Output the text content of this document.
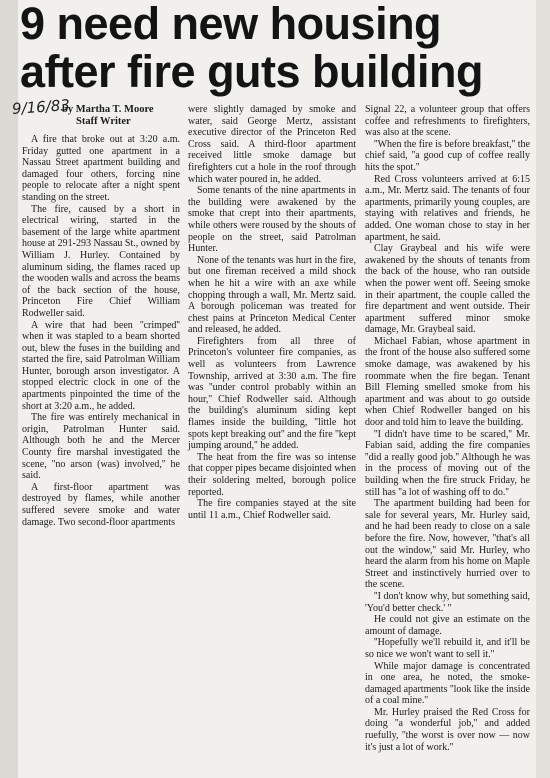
9 need new housing
after fire guts building
9/16/83
by Martha T. Moore
Staff Writer

A fire that broke out at 3:20 a.m. Friday gutted one apartment in a Nassau Street apartment building and damaged four others, forcing nine people to relocate after a night spent standing on the street.

The fire, caused by a short in electrical wiring, started in the basement of the large white apartment house at 291-293 Nassau St., owned by William J. Hurley. Contained by aluminum siding, the flames raced up the wooden walls and across the beams of the back section of the house, Princeton Fire Chief William Rodweller said.

A wire that had been ''crimped'' when it was stapled to a beam shorted out, blew the fuses in the building and started the fire, said Patrolman William Hunter, borough arson investigator. A stopped electric clock in one of the apartments pinpointed the time of the short at 3:20 a.m., he added.

The fire was entirely mechanical in origin, Patrolman Hunter said. Although both he and the Mercer County fire marshal investigated the scene, ''no arson (was) involved,'' he said.

A first-floor apartment was destroyed by flames, while another suffered severe smoke and water damage. Two second-floor apartments

were slightly damaged by smoke and water, said George Mertz, assistant executive director of the Princeton Red Cross said. A third-floor apartment received little smoke damage but firefighters cut a hole in the roof through which water poured in, he added.

Some tenants of the nine apartments in the building were awakened by the smoke that crept into their apartments, while others were roused by the shouts of people on the street, said Patrolman Hunter.

None of the tenants was hurt in the fire, but one fireman received a mild shock when he hit a wire with an axe while chopping through a wall, Mr. Mertz said. A borough policeman was treated for chest pains at Princeton Medical Center and released, he added.

Firefighters from all three of Princeton's volunteer fire companies, as well as volunteers from Lawrence Township, arrived at 3:30 a.m. The fire was ''under control probably within an hour,'' Chief Rodweller said. Although the building's aluminum siding kept flames inside the building, ''little hot spots kept breaking out'' and the fire ''kept jumping around,'' he added.

The heat from the fire was so intense that copper pipes became disjointed when their soldering melted, borough police reported.

The fire companies stayed at the site until 11 a.m., Chief Rodweller said.

Signal 22, a volunteer group that offers coffee and refreshments to firefighters, was also at the scene.

''When the fire is before breakfast,'' the chief said, ''a good cup of coffee really hits the spot.''

Red Cross volunteers arrived at 6:15 a.m., Mr. Mertz said. The tenants of four apartments, primarily young couples, are staying with relatives and friends, he added. One woman chose to stay in her apartment, he said.

Clay Graybeal and his wife were awakened by the shouts of tenants from the back of the house, who ran outside when the power went off. Seeing smoke in their apartment, the couple called the fire department and went outside. Their apartment suffered minor smoke damage, Mr. Graybeal said.

Michael Fabian, whose apartment in the front of the house also suffered some smoke damage, was awakened by his roommate when the fire began. Tenant Bill Fleming smelled smoke from his apartment and was about to go outside when Chief Rodweller banged on his door and told him to leave the building.

''I didn't have time to be scared,'' Mr. Fabian said, adding the fire companies ''did a really good job.'' Although he was in the process of moving out of the building when the fire struck Friday, he still has ''a lot of washing off to do.''

The apartment building had been for sale for several years, Mr. Hurley said, and he had been ready to close on a sale before the fire. Now, however, ''that's all out the window,'' said Mr. Hurley, who heard the alarm from his home on Maple Street and instinctively hurried over to the scene.

''I don't know why, but something said, 'You'd better check.' ''

He could not give an estimate on the amount of damage.

''Hopefully we'll rebuild it, and it'll be so nice we won't want to sell it.''

While major damage is concentrated in one area, he noted, the smoke-damaged apartments ''look like the inside of a coal mine.''

Mr. Hurley praised the Red Cross for doing ''a wonderful job,'' and added ruefully, ''the worst is over now — now it's just a lot of work.''
